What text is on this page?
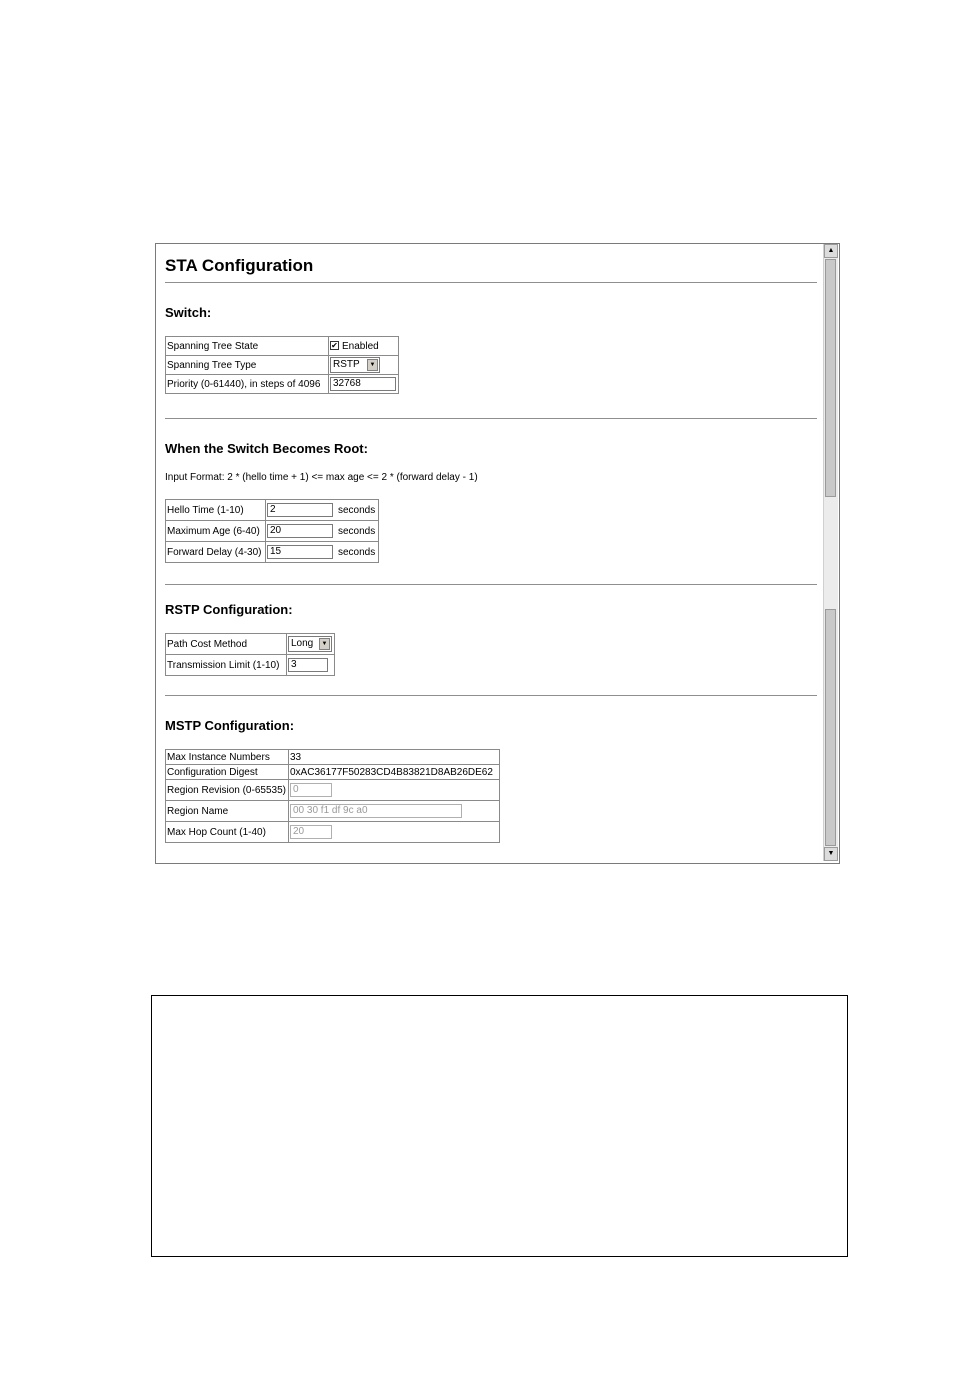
STA Configuration
Switch:
Spanning Tree State	✔ Enabled
Spanning Tree Type	RSTP ▼

Priority (0-61440), in steps of 4096	32768
When the Switch Becomes Root:
Input Format: 2 * (hello time + 1) <= max age <= 2 * (forward delay - 1)
Hello Time (1-10)	2	seconds
Maximum Age (6-40)	20	seconds
Forward Delay (4-30)	15	seconds
RSTP Configuration:
Path Cost Method	Long ▼

Transmission Limit (1-10)	3
MSTP Configuration:
Max Instance Numbers	33
Configuration Digest	0xAC36177F50283CD4B83821D8AB26DE62
Region Revision (0-65535)	0
Region Name	00 30 f1 df 9c a0
Max Hop Count (1-40)	20
▲
▼
